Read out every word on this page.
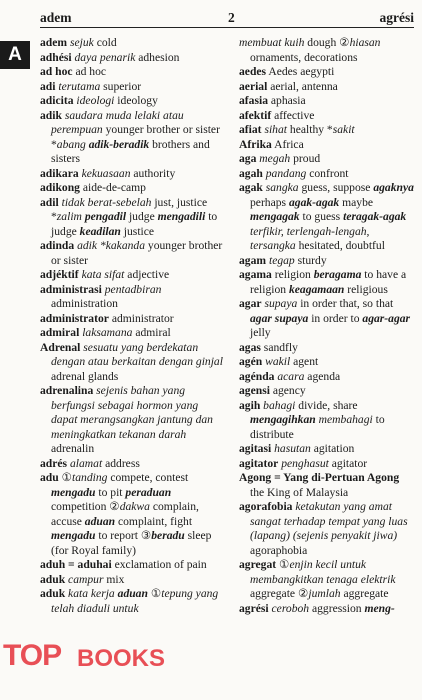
adem	2	agrési
A

adem sejuk cold

adhési daya penarik adhesion

ad hoc ad hoc

adi terutama superior

adicita ideologi ideology

adik saudara muda lelaki atau perempuan younger brother or sister *abang adik-beradik brothers and sisters

adikara kekuasaan authority

adikong aide-de-camp

adil tidak berat-sebelah just, justice *zalim pengadil judge mengadili to judge keadilan justice

adinda adik *kakanda younger brother or sister

adjéktif kata sifat adjective

administrasi pentadbiran administration

administrator administrator

admiral laksamana admiral

Adrenal sesuatu yang berdekatan dengan atau berkaitan dengan ginjal adrenal glands

adrenalina sejenis bahan yang berfungsi sebagai hormon yang dapat merangsangkan jantung dan meningkatkan tekanan darah adrenalin

adrés alamat address

adu ①tanding compete, contest mengadu to pit peraduan competition ②dakwa complain, accuse aduan complaint, fight mengadu to report ③beradu sleep (for Royal family)

aduh = aduhai exclamation of pain

aduk campur mix

aduk kata kerja aduan ①tepung yang telah diaduli untuk

membuat kuih dough ②hiasan ornaments, decorations

aedes Aedes aegypti

aerial aerial, antenna

afasia aphasia

afektif affective

afiat sihat healthy *sakit

Afrika Africa

aga megah proud

agah pandang confront

agak sangka guess, suppose agaknya perhaps agak-agak maybe mengagak to guess teragak-agak terfikir, terlengah-lengah, tersangka hesitated, doubtful

agam tegap sturdy

agama religion beragama to have a religion keagamaan religious

agar supaya in order that, so that agar supaya in order to agar-agar jelly

agas sandfly

agén wakil agent

agénda acara agenda

agensi agency

agih bahagi divide, share mengagihkan membahagi to distribute

agitasi hasutan agitation

agitator penghasut agitator

Agong = Yang di-Pertuan Agong the King of Malaysia

agorafobia ketakutan yang amat sangat terhadap tempat yang luas (lapang) (sejenis penyakit jiwa) agoraphobia

agregat ①enjin kecil untuk membangkitkan tenaga elektrik aggregate ②jumlah aggregate

agrési ceroboh aggression meng-

TOP BOOKS
